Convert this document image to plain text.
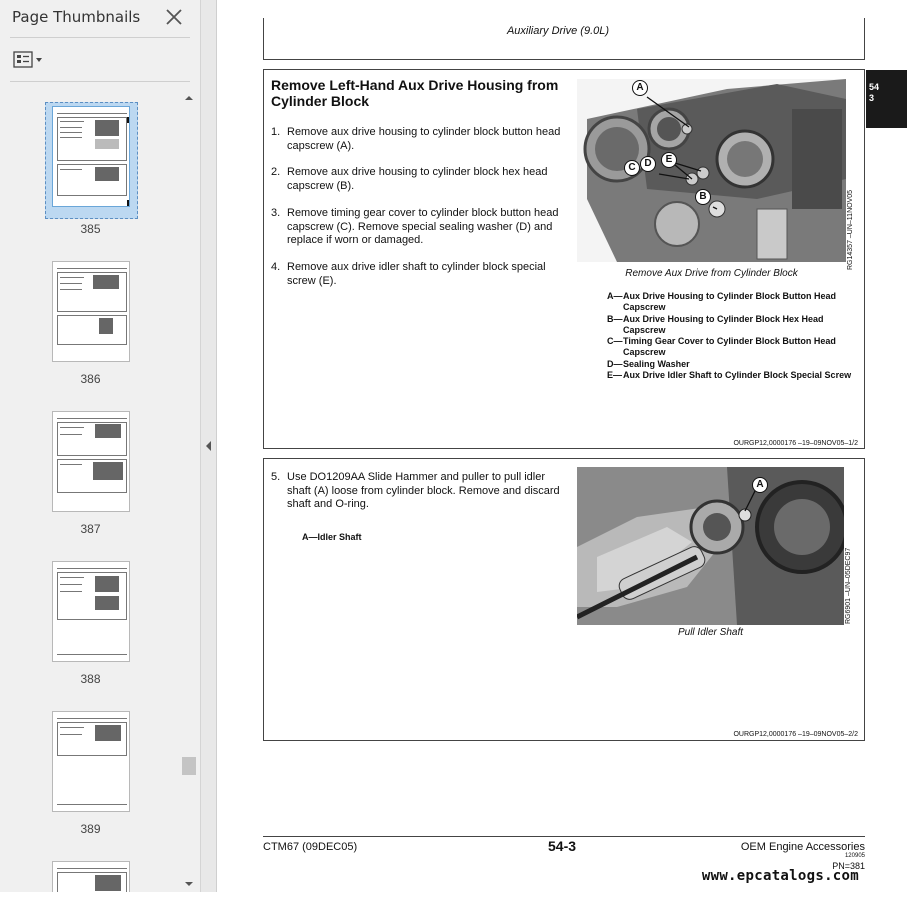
Page Thumbnails
385
386
387
388
389
Auxiliary Drive (9.0L)
54
3
Remove Left-Hand Aux Drive Housing from Cylinder Block
1. Remove aux drive housing to cylinder block button head capscrew (A).
2. Remove aux drive housing to cylinder block hex head capscrew (B).
3. Remove timing gear cover to cylinder block button head capscrew (C). Remove special sealing washer (D) and replace if worn or damaged.
4. Remove aux drive idler shaft to cylinder block special screw (E).
A
B
C D	E
RG14357 –UN–11NOV05
Remove Aux Drive from Cylinder Block
A— Aux Drive Housing to Cylinder Block Button Head Capscrew
B— Aux Drive Housing to Cylinder Block Hex Head Capscrew
C— Timing Gear Cover to Cylinder Block Button Head Capscrew
D— Sealing Washer
E— Aux Drive Idler Shaft to Cylinder Block Special Screw
OURGP12,0000176 –19–09NOV05–1/2
5. Use DO1209AA Slide Hammer and puller to pull idler shaft (A) loose from cylinder block. Remove and discard shaft and O-ring.
A—Idler Shaft
A
RG6901 –UN–05DEC97
Pull Idler Shaft
OURGP12,0000176 –19–09NOV05–2/2
CTM67 (09DEC05)	54-3	OEM Engine Accessories
120905
PN=381
www.epcatalogs.com
